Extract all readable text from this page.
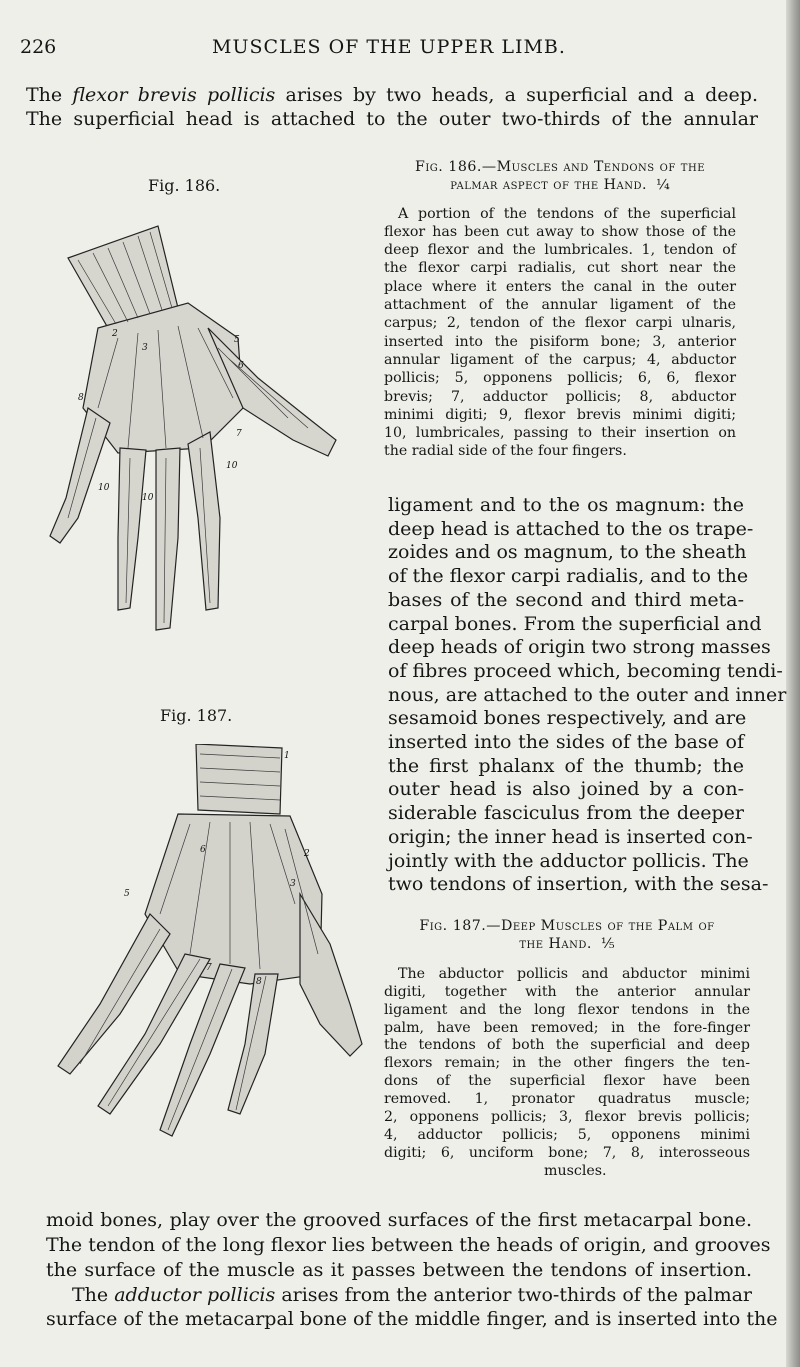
226	MUSCLES OF THE UPPER LIMB.
The flexor brevis pollicis arises by two heads, a superficial and a deep.
The superficial head is attached to the outer two-thirds of the annular
Fig. 186.
2
3
5
6
8
7
10
10
10
Fig. 186.—Muscles and Tendons of the
palmar aspect of the Hand. ¼
A portion of the tendons of the superficial
flexor has been cut away to show those of the
deep flexor and the lumbricales. 1, tendon of
the flexor carpi radialis, cut short near the
place where it enters the canal in the outer
attachment of the annular ligament of the
carpus; 2, tendon of the flexor carpi ulnaris,
inserted into the pisiform bone; 3, anterior
annular ligament of the carpus; 4, abductor
pollicis; 5, opponens pollicis; 6, 6, flexor
brevis; 7, adductor pollicis; 8, abductor
minimi digiti; 9, flexor brevis minimi digiti;
10, lumbricales, passing to their insertion on
the radial side of the four fingers.
ligament and to the os magnum: the
deep head is attached to the os trape-
zoides and os magnum, to the sheath
of the flexor carpi radialis, and to the
bases of the second and third meta-
carpal bones. From the superficial and
deep heads of origin two strong masses
of fibres proceed which, becoming tendi-
nous, are attached to the outer and inner
sesamoid bones respectively, and are
inserted into the sides of the base of
the first phalanx of the thumb; the
outer head is also joined by a con-
siderable fasciculus from the deeper
origin; the inner head is inserted con-
jointly with the adductor pollicis. The
two tendons of insertion, with the sesa-
Fig. 187.
1
2
3
5
6
7
8
Fig. 187.—Deep Muscles of the Palm of
the Hand. ⅕
The abductor pollicis and abductor minimi
digiti, together with the anterior annular
ligament and the long flexor tendons in the
palm, have been removed; in the fore-finger
the tendons of both the superficial and deep
flexors remain; in the other fingers the ten-
dons of the superficial flexor have been
removed. 1, pronator quadratus muscle;
2, opponens pollicis; 3, flexor brevis pollicis;
4, adductor pollicis; 5, opponens minimi
digiti; 6, unciform bone; 7, 8, interosseous
muscles.
moid bones, play over the grooved surfaces of the first metacarpal bone.
The tendon of the long flexor lies between the heads of origin, and grooves
the surface of the muscle as it passes between the tendons of insertion.
The adductor pollicis arises from the anterior two-thirds of the palmar
surface of the metacarpal bone of the middle finger, and is inserted into the
